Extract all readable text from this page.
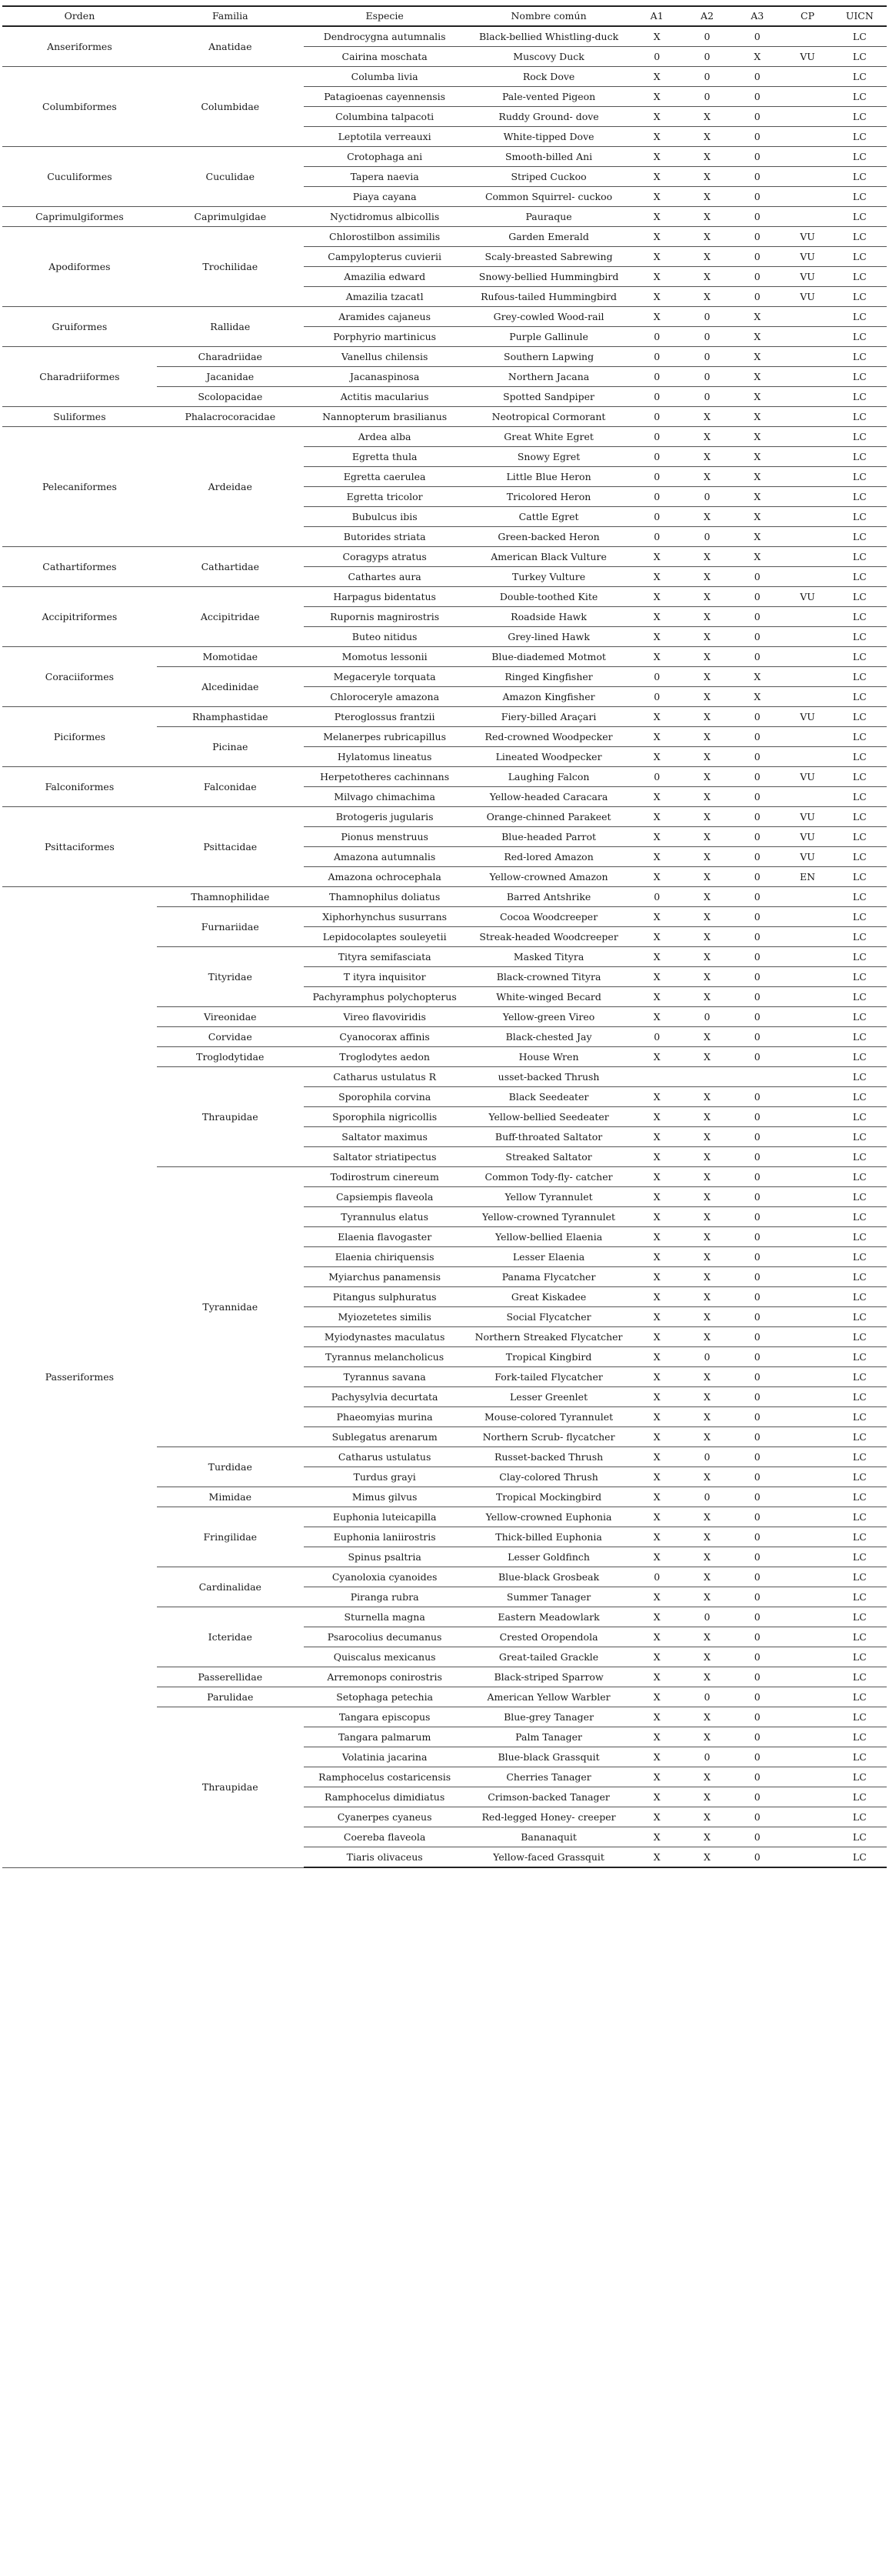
Orden	Familia	Especie	Nombre común	A1	A2	A3	CP	UICN
Anseriformes	Anatidae	Dendrocygna autumnalis	Black-bellied Whistling-duck	X	0	0		LC
		Cairina moschata	Muscovy Duck	0	0	X	VU	LC
Columbiformes	Columbidae	Columba livia	Rock Dove	X	0	0		LC
		Patagioenas cayennensis	Pale-vented Pigeon	X	0	0		LC
		Columbina talpacoti	Ruddy Ground- dove	X	X	0		LC
		Leptotila verreauxi	White-tipped Dove	X	X	0		LC
Cuculiformes	Cuculidae	Crotophaga ani	Smooth-billed Ani	X	X	0		LC
		Tapera naevia	Striped Cuckoo	X	X	0		LC
		Piaya cayana	Common Squirrel- cuckoo	X	X	0		LC
Caprimulgiformes	Caprimulgidae	Nyctidromus albicollis	Pauraque	X	X	0		LC
Apodiformes	Trochilidae	Chlorostilbon assimilis	Garden Emerald	X	X	0	VU	LC
		Campylopterus cuvierii	Scaly-breasted Sabrewing	X	X	0	VU	LC
		Amazilia edward	Snowy-bellied Hummingbird	X	X	0	VU	LC
		Amazilia tzacatl	Rufous-tailed Hummingbird	X	X	0	VU	LC
Gruiformes	Rallidae	Aramides cajaneus	Grey-cowled Wood-rail	X	0	X		LC
		Porphyrio martinicus	Purple Gallinule	0	0	X		LC
Charadriiformes	Charadriidae	Vanellus chilensis	Southern Lapwing	0	0	X		LC
	Jacanidae	Jacanaspinosa	Northern Jacana	0	0	X		LC
	Scolopacidae	Actitis macularius	Spotted Sandpiper	0	0	X		LC
Suliformes	Phalacrocoracidae	Nannopterum brasilianus	Neotropical Cormorant	0	X	X		LC
Pelecaniformes	Ardeidae	Ardea alba	Great White Egret	0	X	X		LC
		Egretta thula	Snowy Egret	0	X	X		LC
		Egretta caerulea	Little Blue Heron	0	X	X		LC
		Egretta tricolor	Tricolored Heron	0	0	X		LC
		Bubulcus ibis	Cattle Egret	0	X	X		LC
		Butorides striata	Green-backed Heron	0	0	X		LC
Cathartiformes	Cathartidae	Coragyps atratus	American Black Vulture	X	X	X		LC
		Cathartes aura	Turkey Vulture	X	X	0		LC
Accipitriformes	Accipitridae	Harpagus bidentatus	Double-toothed Kite	X	X	0	VU	LC
		Rupornis magnirostris	Roadside Hawk	X	X	0		LC
		Buteo nitidus	Grey-lined Hawk	X	X	0		LC
Coraciiformes	Momotidae	Momotus lessonii	Blue-diademed Motmot	X	X	0		LC
	Alcedinidae	Megaceryle torquata	Ringed Kingfisher	0	X	X		LC
		Chloroceryle amazona	Amazon Kingfisher	0	X	X		LC
Piciformes	Rhamphastidae	Pteroglossus frantzii	Fiery-billed Araçari	X	X	0	VU	LC
	Picinae	Melanerpes rubricapillus	Red-crowned Woodpecker	X	X	0		LC
		Hylatomus lineatus	Lineated Woodpecker	X	X	0		LC
Falconiformes	Falconidae	Herpetotheres cachinnans	Laughing Falcon	0	X	0	VU	LC
		Milvago chimachima	Yellow-headed Caracara	X	X	0		LC
Psittaciformes	Psittacidae	Brotogeris jugularis	Orange-chinned Parakeet	X	X	0	VU	LC
		Pionus menstruus	Blue-headed Parrot	X	X	0	VU	LC
		Amazona autumnalis	Red-lored Amazon	X	X	0	VU	LC
		Amazona ochrocephala	Yellow-crowned Amazon	X	X	0	EN	LC
Passeriformes	Thamnophilidae	Thamnophilus doliatus	Barred Antshrike	0	X	0		LC
	Furnariidae	Xiphorhynchus susurrans	Cocoa Woodcreeper	X	X	0		LC
		Lepidocolaptes souleyetii	Streak-headed Woodcreeper	X	X	0		LC
	Tityridae	Tityra semifasciata	Masked Tityra	X	X	0		LC
		T ityra inquisitor	Black-crowned Tityra	X	X	0		LC
		Pachyramphus polychopterus	White-winged Becard	X	X	0		LC
	Vireonidae	Vireo flavoviridis	Yellow-green Vireo	X	0	0		LC
	Corvidae	Cyanocorax affinis	Black-chested Jay	0	X	0		LC
	Troglodytidae	Troglodytes aedon	House Wren	X	X	0		LC
	Thraupidae	Catharus ustulatus R	usset-backed Thrush					LC
		Sporophila corvina	Black Seedeater	X	X	0		LC
		Sporophila nigricollis	Yellow-bellied Seedeater	X	X	0		LC
		Saltator maximus	Buff-throated Saltator	X	X	0		LC
		Saltator striatipectus	Streaked Saltator	X	X	0		LC
	Tyrannidae	Todirostrum cinereum	Common Tody-fly- catcher	X	X	0		LC
		Capsiempis flaveola	Yellow Tyrannulet	X	X	0		LC
		Tyrannulus elatus	Yellow-crowned Tyrannulet	X	X	0		LC
		Elaenia flavogaster	Yellow-bellied Elaenia	X	X	0		LC
		Elaenia chiriquensis	Lesser Elaenia	X	X	0		LC
		Myiarchus panamensis	Panama Flycatcher	X	X	0		LC
		Pitangus sulphuratus	Great Kiskadee	X	X	0		LC
		Myiozetetes similis	Social Flycatcher	X	X	0		LC
		Myiodynastes maculatus	Northern Streaked Flycatcher	X	X	0		LC
		Tyrannus melancholicus	Tropical Kingbird	X	0	0		LC
		Tyrannus savana	Fork-tailed Flycatcher	X	X	0		LC
		Pachysylvia decurtata	Lesser Greenlet	X	X	0		LC
		Phaeomyias murina	Mouse-colored Tyrannulet	X	X	0		LC
		Sublegatus arenarum	Northern Scrub- flycatcher	X	X	0		LC
	Turdidae	Catharus ustulatus	Russet-backed Thrush	X	0	0		LC
		Turdus grayi	Clay-colored Thrush	X	X	0		LC
	Mimidae	Mimus gilvus	Tropical Mockingbird	X	0	0		LC
	Fringilidae	Euphonia luteicapilla	Yellow-crowned Euphonia	X	X	0		LC
		Euphonia laniirostris	Thick-billed Euphonia	X	X	0		LC
		Spinus psaltria	Lesser Goldfinch	X	X	0		LC
	Cardinalidae	Cyanoloxia cyanoides	Blue-black Grosbeak	0	X	0		LC
		Piranga rubra	Summer Tanager	X	X	0		LC
	Icteridae	Sturnella magna	Eastern Meadowlark	X	0	0		LC
		Psarocolius decumanus	Crested Oropendola	X	X	0		LC
		Quiscalus mexicanus	Great-tailed Grackle	X	X	0		LC
	Passerellidae	Arremonops conirostris	Black-striped Sparrow	X	X	0		LC
	Parulidae	Setophaga petechia	American Yellow Warbler	X	0	0		LC
	Thraupidae	Tangara episcopus	Blue-grey Tanager	X	X	0		LC
		Tangara palmarum	Palm Tanager	X	X	0		LC
		Volatinia jacarina	Blue-black Grassquit	X	0	0		LC
		Ramphocelus costaricensis	Cherries Tanager	X	X	0		LC
		Ramphocelus dimidiatus	Crimson-backed Tanager	X	X	0		LC
		Cyanerpes cyaneus	Red-legged Honey- creeper	X	X	0		LC
		Coereba flaveola	Bananaquit	X	X	0		LC
		Tiaris olivaceus	Yellow-faced Grassquit	X	X	0		LC
